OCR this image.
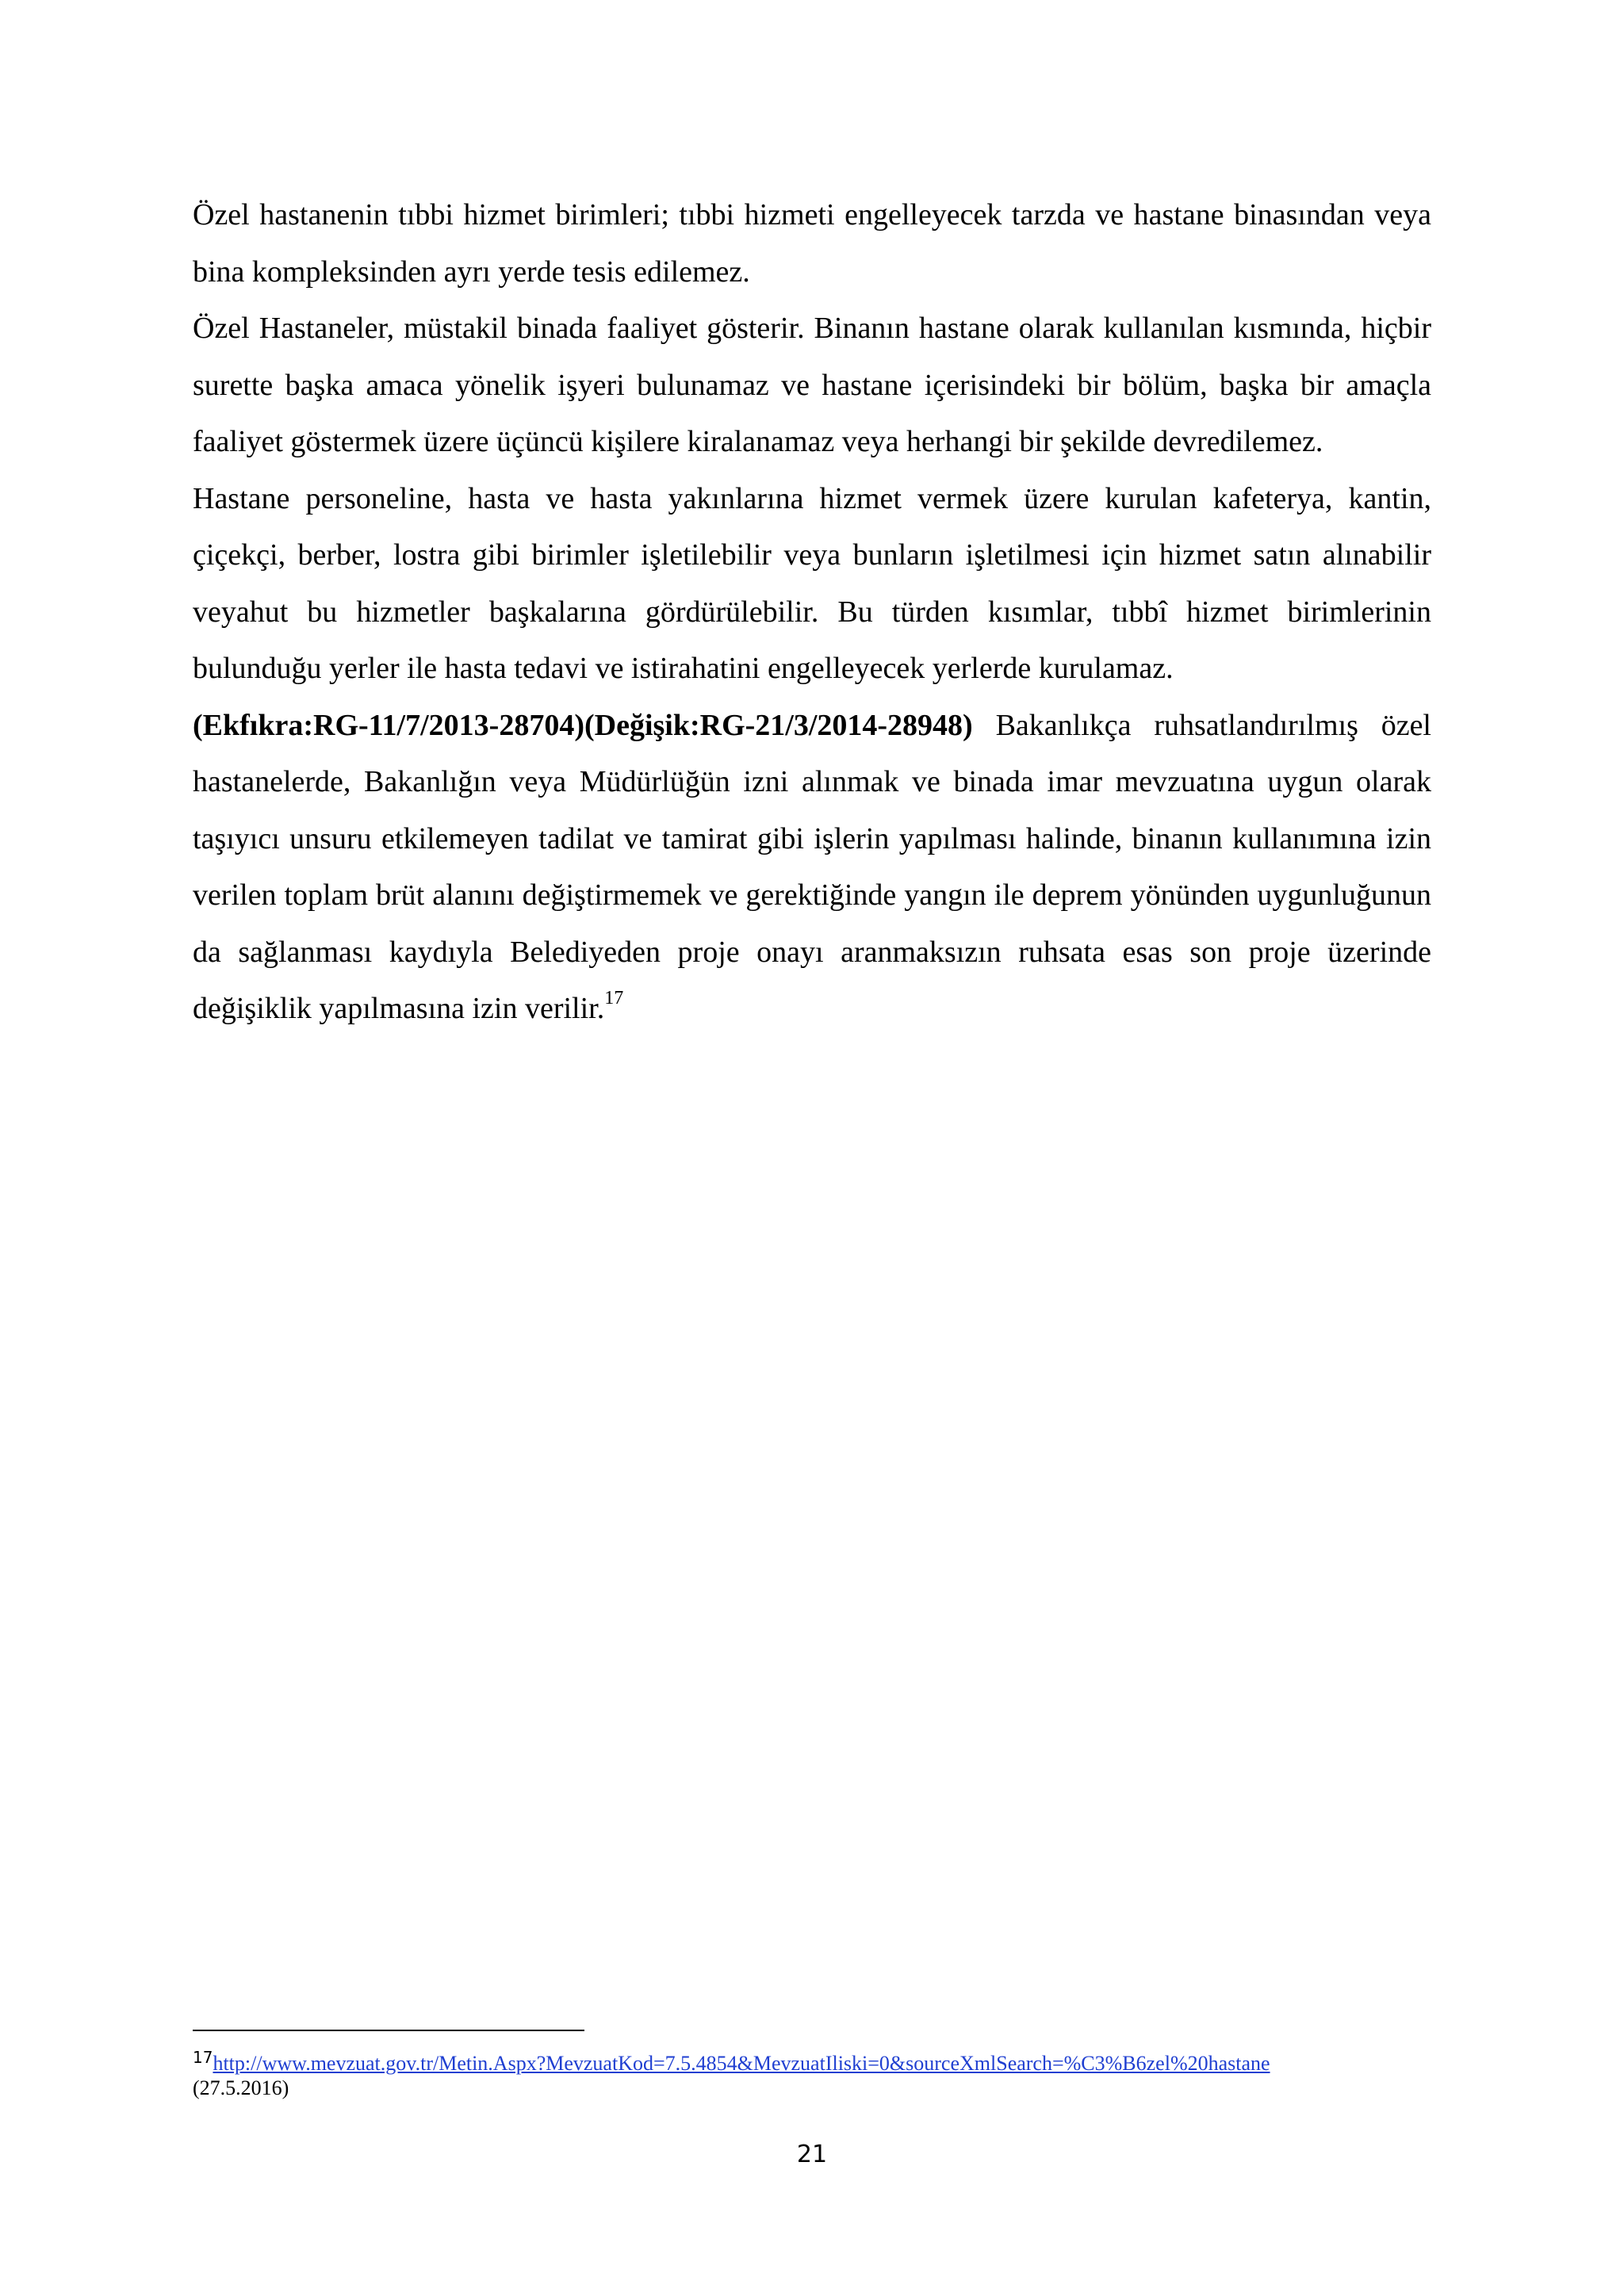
Özel hastanenin tıbbi hizmet birimleri; tıbbi hizmeti engelleyecek tarzda ve hastane binasından veya bina kompleksinden ayrı yerde tesis edilemez.

Özel Hastaneler, müstakil binada faaliyet gösterir. Binanın hastane olarak kullanılan kısmında, hiçbir surette başka amaca yönelik işyeri bulunamaz ve hastane içerisindeki bir bölüm, başka bir amaçla faaliyet göstermek üzere üçüncü kişilere kiralanamaz veya herhangi bir şekilde devredilemez.

Hastane personeline, hasta ve hasta yakınlarına hizmet vermek üzere kurulan kafeterya, kantin, çiçekçi, berber, lostra gibi birimler işletilebilir veya bunların işletilmesi için hizmet satın alınabilir veyahut bu hizmetler başkalarına gördürülebilir. Bu türden kısımlar, tıbbî hizmet birimlerinin bulunduğu yerler ile hasta tedavi ve istirahatini engelleyecek yerlerde kurulamaz.

(Ekfıkra:RG-11/7/2013-28704)(Değişik:RG-21/3/2014-28948) Bakanlıkça ruhsatlandırılmış özel hastanelerde, Bakanlığın veya Müdürlüğün izni alınmak ve binada imar mevzuatına uygun olarak taşıyıcı unsuru etkilemeyen tadilat ve tamirat gibi işlerin yapılması halinde, binanın kullanımına izin verilen toplam brüt alanını değiştirmemek ve gerektiğinde yangın ile deprem yönünden uygunluğunun da sağlanması kaydıyla Belediyeden proje onayı aranmaksızın ruhsata esas son proje üzerinde değişiklik yapılmasına izin verilir.$^{17}$

$^{17}$http://www.mevzuat.gov.tr/Metin.Aspx?MevzuatKod=7.5.4854&MevzuatIliski=0&sourceXmlSearch=%C3%B6zel%20hastane
(27.5.2016)
21
